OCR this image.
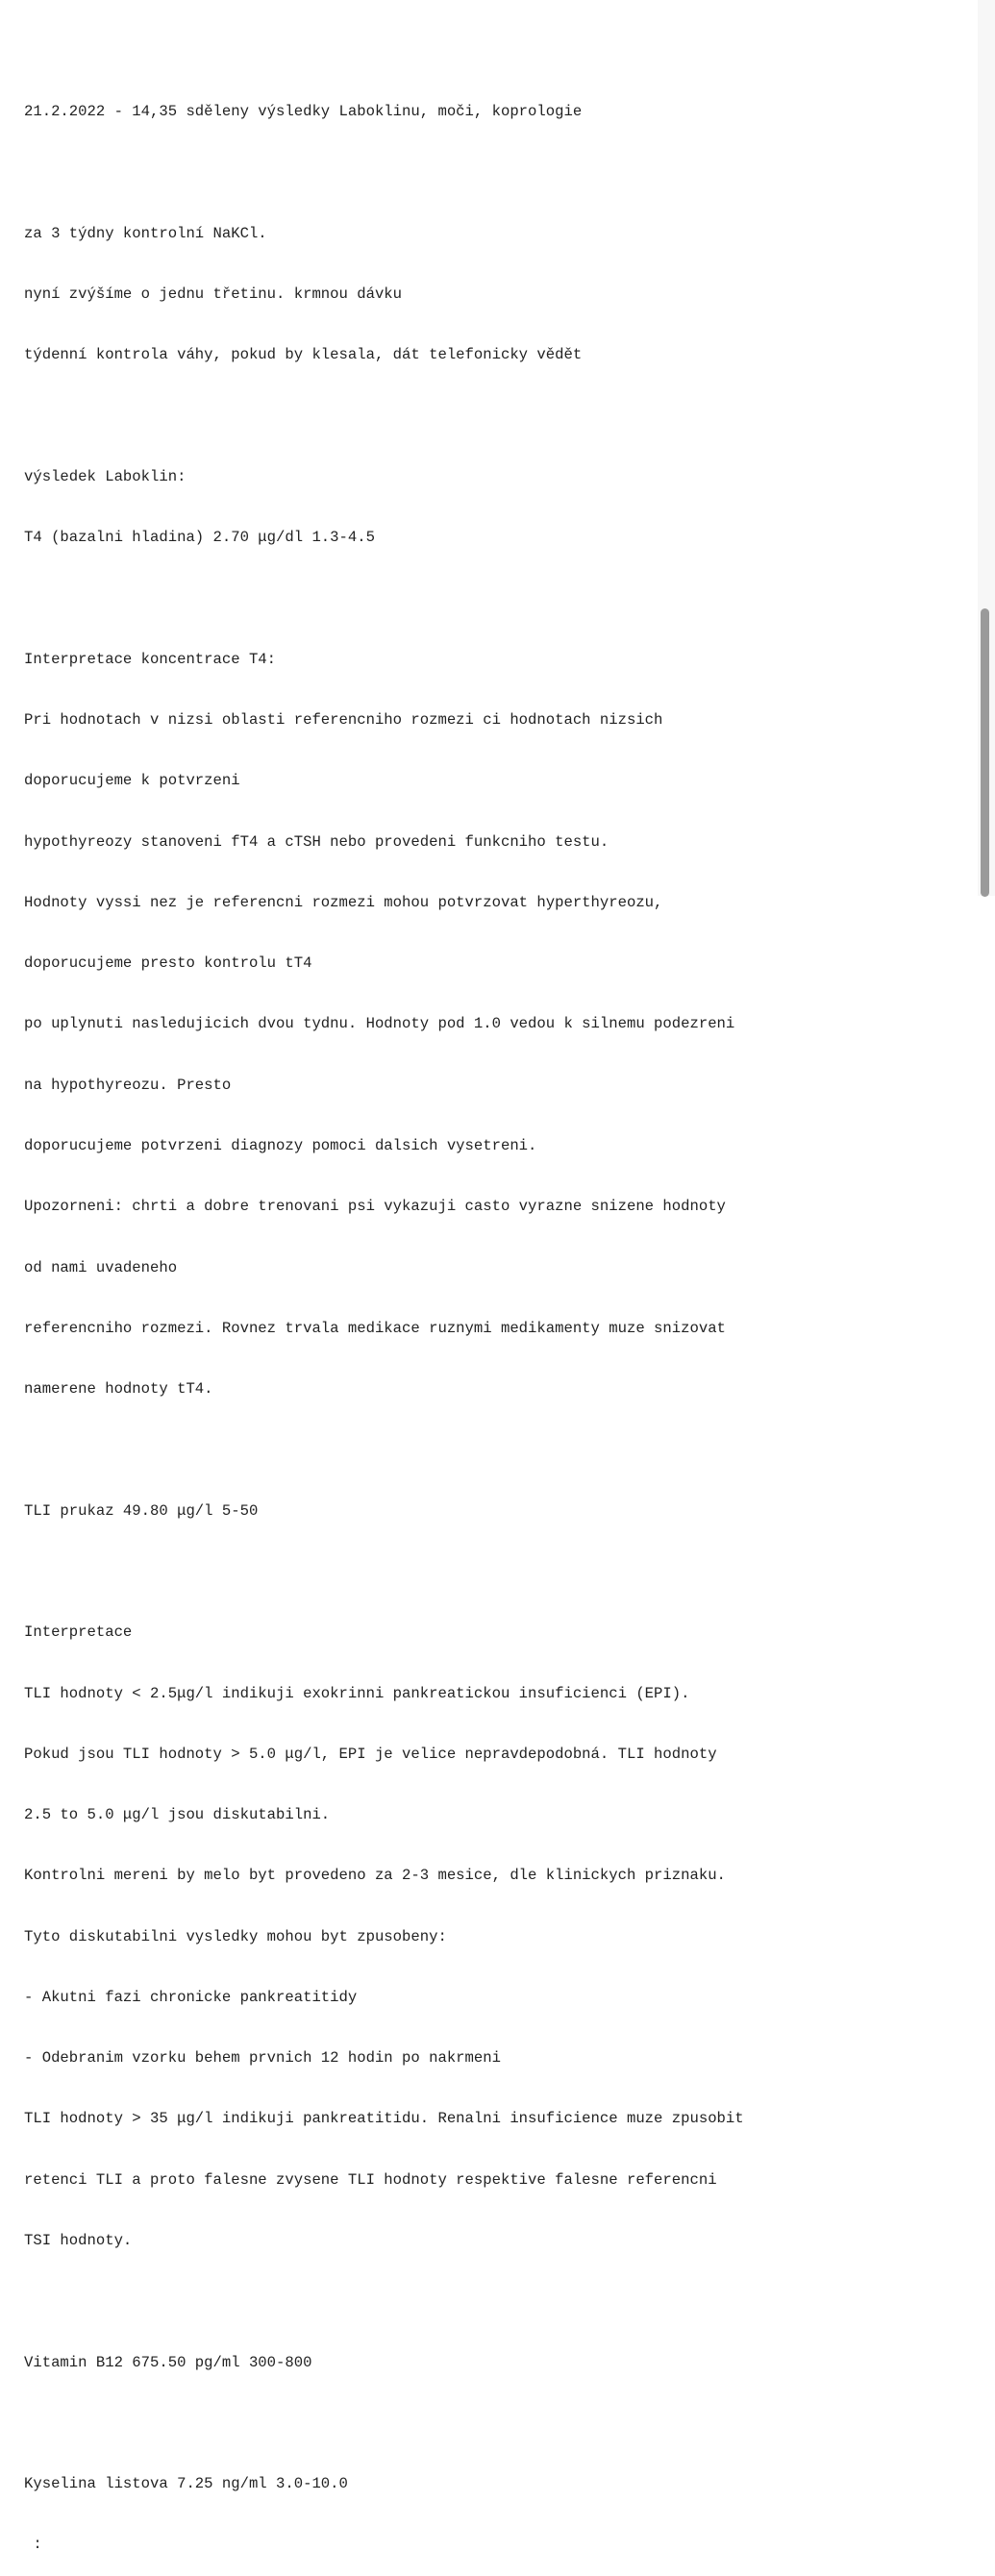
21.2.2022 - 14,35 sděleny výsledky Laboklinu, moči, koprologie

za 3 týdny kontrolní NaKCl.

nyní zvýšíme o jednu třetinu. krmnou dávku

týdenní kontrola váhy, pokud by klesala, dát telefonicky vědět

výsledek Laboklin:

T4 (bazalni hladina) 2.70 μg/dl 1.3-4.5

Interpretace koncentrace T4:

Pri hodnotach v nizsi oblasti referencniho rozmezi ci hodnotach nizsich

doporucujeme k potvrzeni

hypothyreozy stanoveni fT4 a cTSH nebo provedeni funkcniho testu.

Hodnoty vyssi nez je referencni rozmezi mohou potvrzovat hyperthyreozu,

doporucujeme presto kontrolu tT4

po uplynuti nasledujicich dvou tydnu. Hodnoty pod 1.0 vedou k silnemu podezreni

na hypothyreozu. Presto

doporucujeme potvrzeni diagnozy pomoci dalsich vysetreni.

Upozorneni: chrti a dobre trenovani psi vykazuji casto vyrazne snizene hodnoty

od nami uvadeneho

referencniho rozmezi. Rovnez trvala medikace ruznymi medikamenty muze snizovat

namerene hodnoty tT4.

TLI prukaz 49.80 μg/l 5-50

Interpretace

TLI hodnoty < 2.5μg/l indikuji exokrinni pankreatickou insuficienci (EPI).

Pokud jsou TLI hodnoty > 5.0 μg/l, EPI je velice nepravdepodobná. TLI hodnoty

2.5 to 5.0 μg/l jsou diskutabilni.

Kontrolni mereni by melo byt provedeno za 2-3 mesice, dle klinickych priznaku.

Tyto diskutabilni vysledky mohou byt zpusobeny:

- Akutni fazi chronicke pankreatitidy

- Odebranim vzorku behem prvnich 12 hodin po nakrmeni

TLI hodnoty > 35 μg/l indikuji pankreatitidu. Renalni insuficience muze zpusobit

retenci TLI a proto falesne zvysene TLI hodnoty respektive falesne referencni

TSI hodnoty.

Vitamin B12 675.50 pg/ml 300-800

Kyselina listova 7.25 ng/ml 3.0-10.0

:
